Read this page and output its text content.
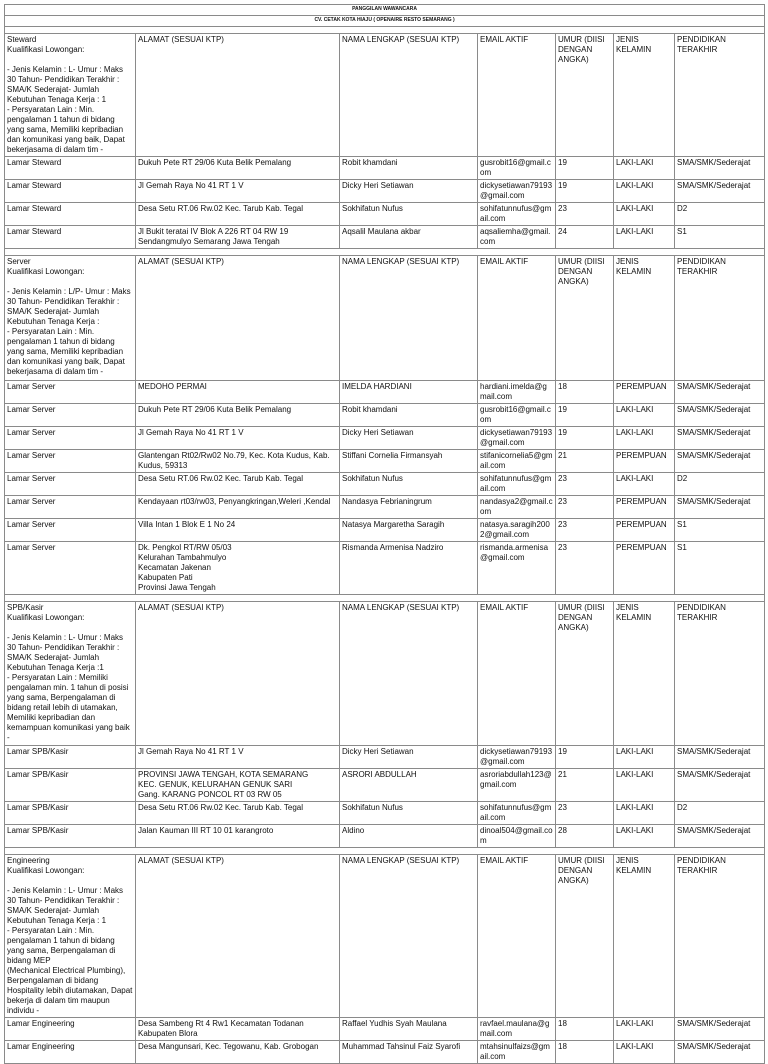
PANGGILAN WAWANCARA						
CV. CETAK KOTA HIAJU ( OPENAIRE RESTO SEMARANG )						

Steward
Kualifikasi Lowongan:

- Jenis Kelamin : L- Umur : Maks 30 Tahun- Pendidikan Terakhir : SMA/K Sederajat- Jumlah Kebutuhan Tenaga Kerja : 1
- Persyaratan Lain : Min. pengalaman 1 tahun di bidang yang sama, Memiliki kepribadian dan komunikasi yang baik, Dapat bekerjasama di dalam tim -	ALAMAT (SESUAI KTP)	NAMA LENGKAP (SESUAI KTP)	EMAIL AKTIF	UMUR (DIISI DENGAN ANGKA)	JENIS KELAMIN	PENDIDIKAN TERAKHIR
Lamar Steward	Dukuh Pete RT 29/06 Kuta Belik Pemalang	Robit khamdani	gusrobit16@gmail.com	19	LAKI-LAKI	SMA/SMK/Sederajat
Lamar Steward	Jl Gemah Raya No 41 RT 1 V	Dicky Heri Setiawan	dickysetiawan79193@gmail.com	19	LAKI-LAKI	SMA/SMK/Sederajat
Lamar Steward	Desa Setu RT.06 Rw.02 Kec. Tarub Kab. Tegal	Sokhifatun Nufus	sohifatunnufus@gmail.com	23	LAKI-LAKI	D2
Lamar Steward	Jl Bukit teratai IV Blok A 226 RT 04 RW 19 Sendangmulyo Semarang Jawa Tengah	Aqsalil Maulana akbar	aqsaliemha@gmail.com	24	LAKI-LAKI	S1

Server
Kualifikasi Lowongan:

- Jenis Kelamin : L/P- Umur : Maks 30 Tahun- Pendidikan Terakhir : SMA/K Sederajat- Jumlah Kebutuhan Tenaga Kerja :
- Persyaratan Lain : Min. pengalaman 1 tahun di bidang yang sama, Memiliki kepribadian dan komunikasi yang baik, Dapat bekerjasama di dalam tim -	ALAMAT (SESUAI KTP)	NAMA LENGKAP (SESUAI KTP)	EMAIL AKTIF	UMUR (DIISI DENGAN ANGKA)	JENIS KELAMIN	PENDIDIKAN TERAKHIR
Lamar Server	MEDOHO PERMAI	IMELDA HARDIANI	hardiani.imelda@gmail.com	18	PEREMPUAN	SMA/SMK/Sederajat
Lamar Server	Dukuh Pete RT 29/06 Kuta Belik Pemalang	Robit khamdani	gusrobit16@gmail.com	19	LAKI-LAKI	SMA/SMK/Sederajat
Lamar Server	Jl Gemah Raya No 41 RT 1 V	Dicky Heri Setiawan	dickysetiawan79193@gmail.com	19	LAKI-LAKI	SMA/SMK/Sederajat
Lamar Server	Glantengan Rt02/Rw02 No.79, Kec. Kota Kudus, Kab. Kudus, 59313	Stiffani Cornelia Firmansyah	stifanicornelia5@gmail.com	21	PEREMPUAN	SMA/SMK/Sederajat
Lamar Server	Desa Setu RT.06 Rw.02 Kec. Tarub Kab. Tegal	Sokhifatun Nufus	sohifatunnufus@gmail.com	23	LAKI-LAKI	D2
Lamar Server	Kendayaan rt03/rw03, Penyangkringan,Weleri ,Kendal	Nandasya Febrianingrum	nandasya2@gmail.com	23	PEREMPUAN	SMA/SMK/Sederajat
Lamar Server	Villa Intan 1 Blok E 1 No 24	Natasya Margaretha Saragih	natasya.saragih2002@gmail.com	23	PEREMPUAN	S1
Lamar Server	Dk. Pengkol RT/RW 05/03
Kelurahan Tambahmulyo
Kecamatan Jakenan
Kabupaten Pati
Provinsi Jawa Tengah	Rismanda Armenisa Nadziro	rismanda.armenisa@gmail.com	23	PEREMPUAN	S1

SPB/Kasir
Kualifikasi Lowongan:

- Jenis Kelamin : L- Umur : Maks 30 Tahun- Pendidikan Terakhir : SMA/K Sederajat- Jumlah Kebutuhan Tenaga Kerja :1
- Persyaratan Lain : Memiliki pengalaman min. 1 tahun di posisi yang sama, Berpengalaman di bidang retail lebih di utamakan, Memiliki kepribadian dan kemampuan komunikasi yang baik -	ALAMAT (SESUAI KTP)	NAMA LENGKAP (SESUAI KTP)	EMAIL AKTIF	UMUR (DIISI DENGAN ANGKA)	JENIS KELAMIN	PENDIDIKAN TERAKHIR
Lamar SPB/Kasir	Jl Gemah Raya No 41 RT 1 V	Dicky Heri Setiawan	dickysetiawan79193@gmail.com	19	LAKI-LAKI	SMA/SMK/Sederajat
Lamar SPB/Kasir	PROVINSI JAWA TENGAH, KOTA SEMARANG
KEC. GENUK, KELURAHAN GENUK SARI
Gang. KARANG PONCOL RT 03 RW 05	ASRORI ABDULLAH	asroriabdullah123@gmail.com	21	LAKI-LAKI	SMA/SMK/Sederajat
Lamar SPB/Kasir	Desa Setu RT.06 Rw.02 Kec. Tarub Kab. Tegal	Sokhifatun Nufus	sohifatunnufus@gmail.com	23	LAKI-LAKI	D2
Lamar SPB/Kasir	Jalan Kauman III RT 10 01 karangroto	Aldino	dinoal504@gmail.com	28	LAKI-LAKI	SMA/SMK/Sederajat

Engineering
Kualifikasi Lowongan:

- Jenis Kelamin : L- Umur : Maks 30 Tahun- Pendidikan Terakhir : SMA/K Sederajat- Jumlah Kebutuhan Tenaga Kerja : 1
- Persyaratan Lain : Min. pengalaman 1 tahun di bidang yang sama, Berpengalaman di bidang MEP
(Mechanical Electrical Plumbing), Berpengalaman di bidang Hospitality lebih diutamakan, Dapat bekerja di dalam tim maupun individu -	ALAMAT (SESUAI KTP)	NAMA LENGKAP (SESUAI KTP)	EMAIL AKTIF	UMUR (DIISI DENGAN ANGKA)	JENIS KELAMIN	PENDIDIKAN TERAKHIR
Lamar Engineering	Desa Sambeng Rt 4 Rw1 Kecamatan Todanan Kabupaten Blora	Raffael Yudhis Syah Maulana	ravfael.maulana@gmail.com	18	LAKI-LAKI	SMA/SMK/Sederajat
Lamar Engineering	Desa Mangunsari, Kec. Tegowanu, Kab. Grobogan	Muhammad Tahsinul Faiz Syarofi	mtahsinulfaizs@gmail.com	18	LAKI-LAKI	SMA/SMK/Sederajat
